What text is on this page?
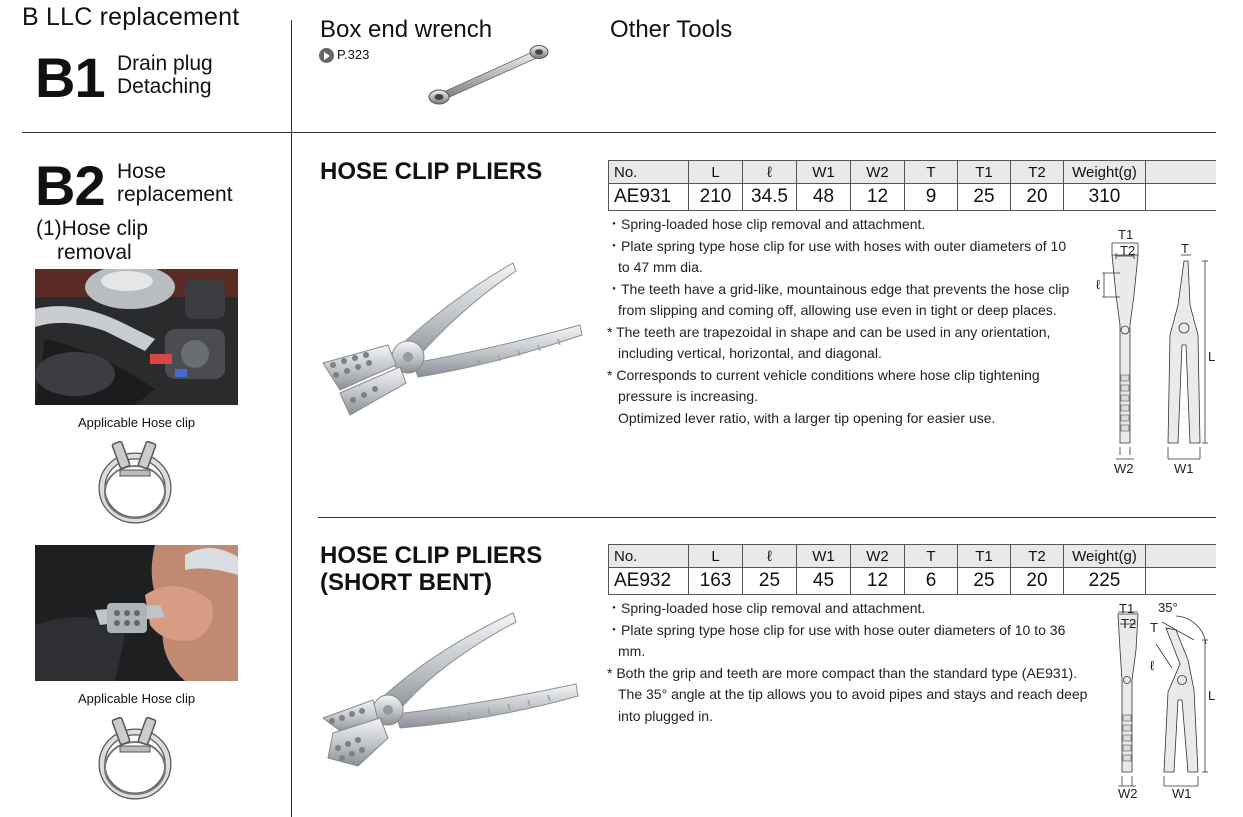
B LLC replacement
B1 Drain plug
Detaching
Box end wrench
P.323
Other Tools
B2 Hose
replacement
(1)Hose clip
removal
Applicable Hose clip
Applicable Hose clip
HOSE CLIP PLIERS	No.	L	ℓ	W1	W2	T	T1	T2	Weight(g)	
AE931	210	34.5	48	12	9	25	20	310	
・Spring-loaded hose clip removal and attachment.
・Plate spring type hose clip for use with hoses with outer diameters of 10 to 47 mm dia.
・The teeth have a grid-like, mountainous edge that prevents the hose clip from slipping and coming off, allowing use even in tight or deep places.
* The teeth are trapezoidal in shape and can be used in any orientation, including vertical, horizontal, and diagonal.
* Corresponds to current vehicle conditions where hose clip tightening pressure is increasing.
Optimized lever ratio, with a larger tip opening for easier use.
T1
T2
ℓ
T
L
W2	W1
HOSE CLIP PLIERS
(SHORT BENT)
No.	L	ℓ	W1	W2	T	T1	T2	Weight(g)	
AE932	163	25	45	12	6	25	20	225	
・Spring-loaded hose clip removal and attachment.
・Plate spring type hose clip for use with hose outer diameters of 10 to 36 mm.
* Both the grip and teeth are more compact than the standard type (AE931).
The 35° angle at the tip allows you to avoid pipes and stays and reach deep into plugged in.
T1
T2
35°
T
ℓ
L
W2	W1
